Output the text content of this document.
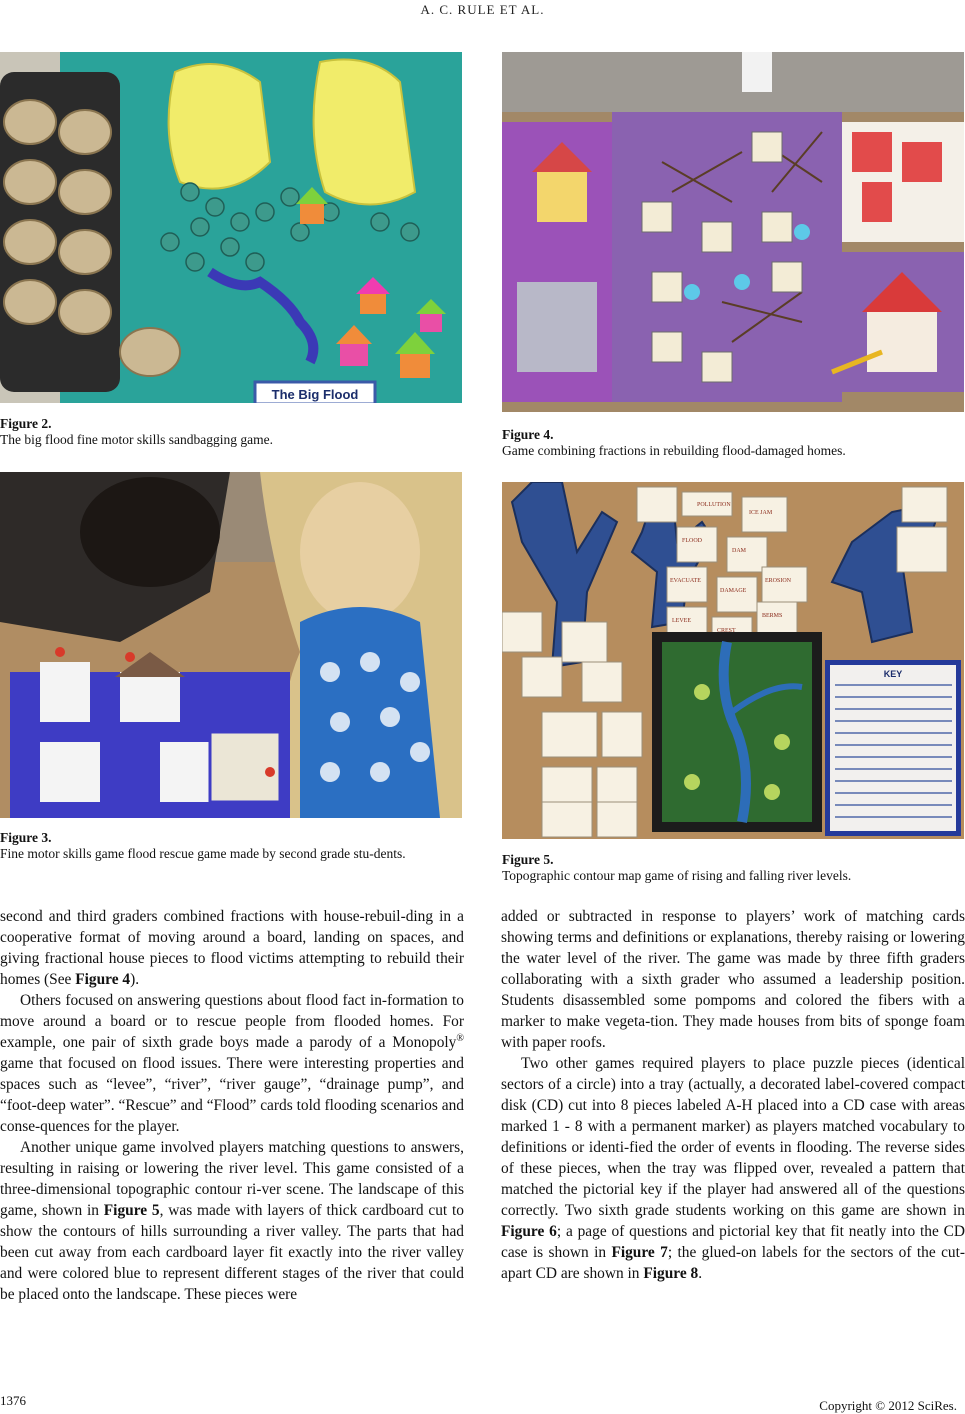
A. C. RULE ET AL.
The Big Flood
Figure 2.
The big flood fine motor skills sandbagging game.
Figure 3.
Fine motor skills game flood rescue game made by second grade stu-dents.
Figure 4.
Game combining fractions in rebuilding flood-damaged homes.
KEY
POLLUTION
FLOOD
DAM
EVACUATE
DAMAGE
EROSION
LEVEE
CREST
BERMS
ICE JAM
Figure 5.
Topographic contour map game of rising and falling river levels.

second and third graders combined fractions with house-rebuil-ding in a cooperative format of moving around a board, landing on spaces, and giving fractional house pieces to flood victims attempting to rebuild their homes (See Figure 4).

Others focused on answering questions about flood fact in-formation to move around a board or to rescue people from flooded homes. For example, one pair of sixth grade boys made a parody of a Monopoly® game that focused on flood issues. There were interesting properties and spaces such as “levee”, “river”, “river gauge”, “drainage pump”, and “foot-deep water”. “Rescue” and “Flood” cards told flooding scenarios and conse-quences for the player.

Another unique game involved players matching questions to answers, resulting in raising or lowering the river level. This game consisted of a three-dimensional topographic contour ri-ver scene. The landscape of this game, shown in Figure 5, was made with layers of thick cardboard cut to show the contours of hills surrounding a river valley. The parts that had been cut away from each cardboard layer fit exactly into the river valley and were colored blue to represent different stages of the river that could be placed onto the landscape. These pieces were

added or subtracted in response to players’ work of matching cards showing terms and definitions or explanations, thereby raising or lowering the water level of the river. The game was made by three fifth graders collaborating with a sixth grader who assumed a leadership position. Students disassembled some pompoms and colored the fibers with a marker to make vegeta-tion. They made houses from bits of sponge foam with paper roofs.

Two other games required players to place puzzle pieces (identical sectors of a circle) into a tray (actually, a decorated label-covered compact disk (CD) cut into 8 pieces labeled A-H placed into a CD case with areas marked 1 - 8 with a permanent marker) as players matched vocabulary to definitions or identi-fied the order of events in flooding. The reverse sides of these pieces, when the tray was flipped over, revealed a pattern that matched the pictorial key if the player had answered all of the questions correctly. Two sixth grade students working on this game are shown in Figure 6; a page of questions and pictorial key that fit neatly into the CD case is shown in Figure 7; the glued-on labels for the sectors of the cut-apart CD are shown in Figure 8.

1376	Copyright © 2012 SciRes.
